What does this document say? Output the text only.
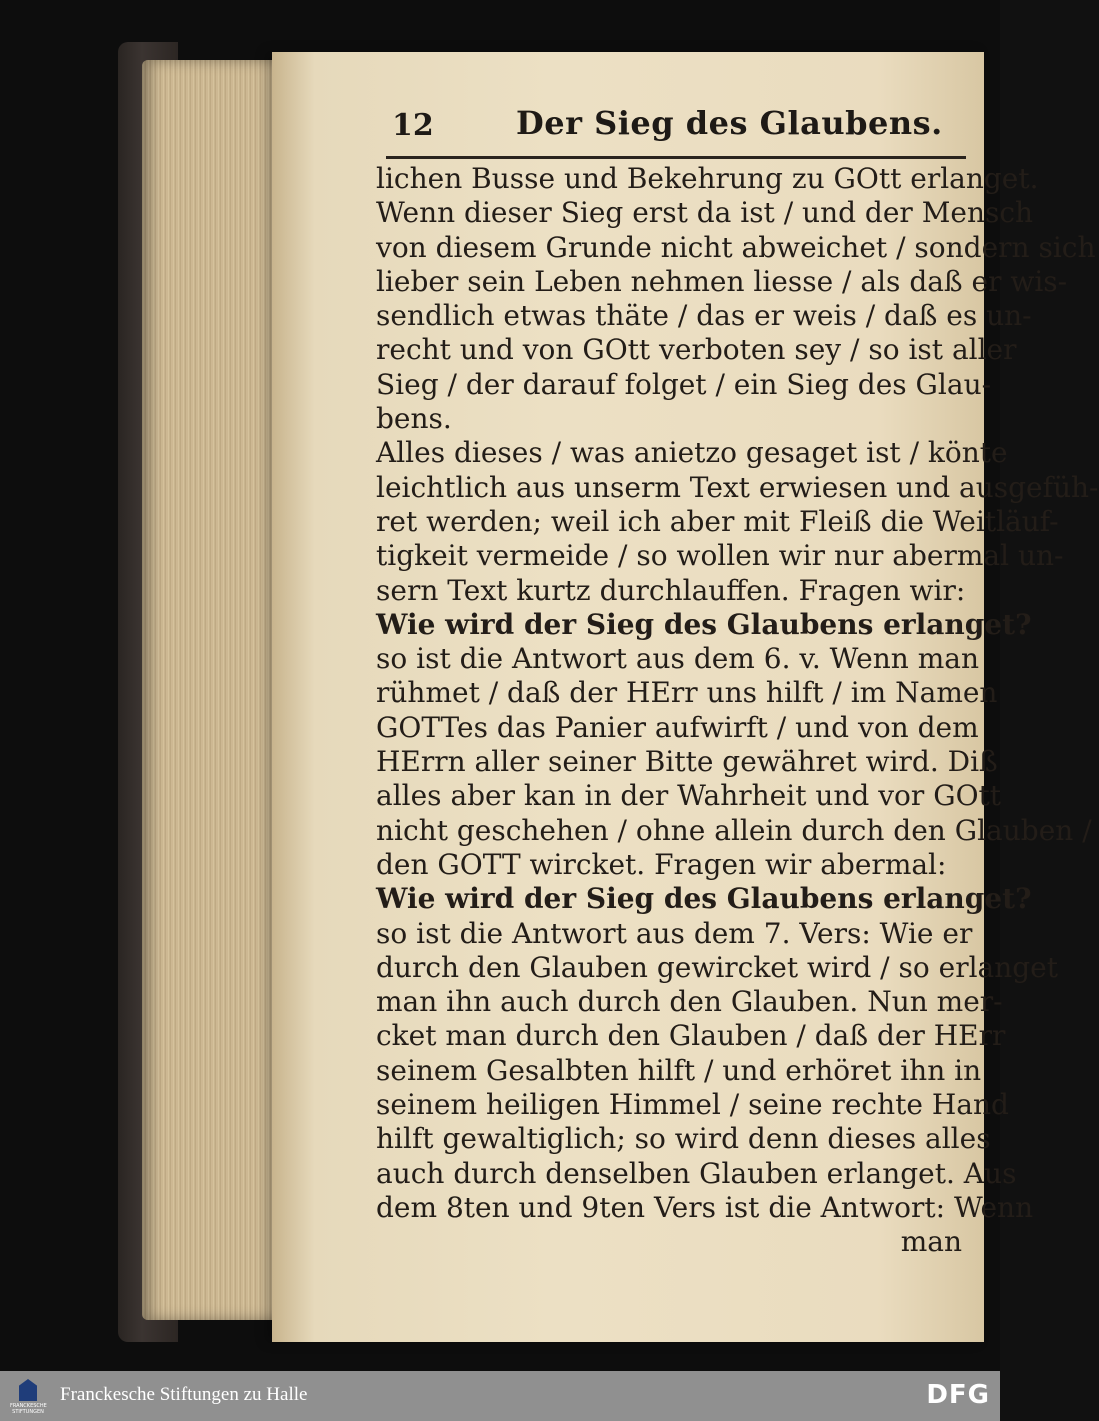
12	Der Sieg des Glaubens.
lichen Busse und Bekehrung zu GOtt erlanget.
Wenn dieser Sieg erst da ist / und der Mensch
von diesem Grunde nicht abweichet / sondern sich
lieber sein Leben nehmen liesse / als daß er wis-
sendlich etwas thäte / das er weis / daß es un-
recht und von GOtt verboten sey / so ist aller
Sieg / der darauf folget / ein Sieg des Glau-
bens.
Alles dieses / was anietzo gesaget ist / könte
leichtlich aus unserm Text erwiesen und ausgefüh-
ret werden; weil ich aber mit Fleiß die Weitläuf-
tigkeit vermeide / so wollen wir nur abermal un-
sern Text kurtz durchlauffen. Fragen wir:
Wie wird der Sieg des Glaubens erlanget?
so ist die Antwort aus dem 6. v. Wenn man
rühmet / daß der HErr uns hilft / im Namen
GOTTes das Panier aufwirft / und von dem
HErrn aller seiner Bitte gewähret wird. Diß
alles aber kan in der Wahrheit und vor GOtt
nicht geschehen / ohne allein durch den Glauben /
den GOTT wircket. Fragen wir abermal:
Wie wird der Sieg des Glaubens erlanget?
so ist die Antwort aus dem 7. Vers: Wie er
durch den Glauben gewircket wird / so erlanget
man ihn auch durch den Glauben. Nun mer-
cket man durch den Glauben / daß der HErr
seinem Gesalbten hilft / und erhöret ihn in
seinem heiligen Himmel / seine rechte Hand
hilft gewaltiglich; so wird denn dieses alles
auch durch denselben Glauben erlanget. Aus
dem 8ten und 9ten Vers ist die Antwort: Wenn
man
FRANCKESCHE STIFTUNGEN
Franckesche Stiftungen zu Halle	DFG
